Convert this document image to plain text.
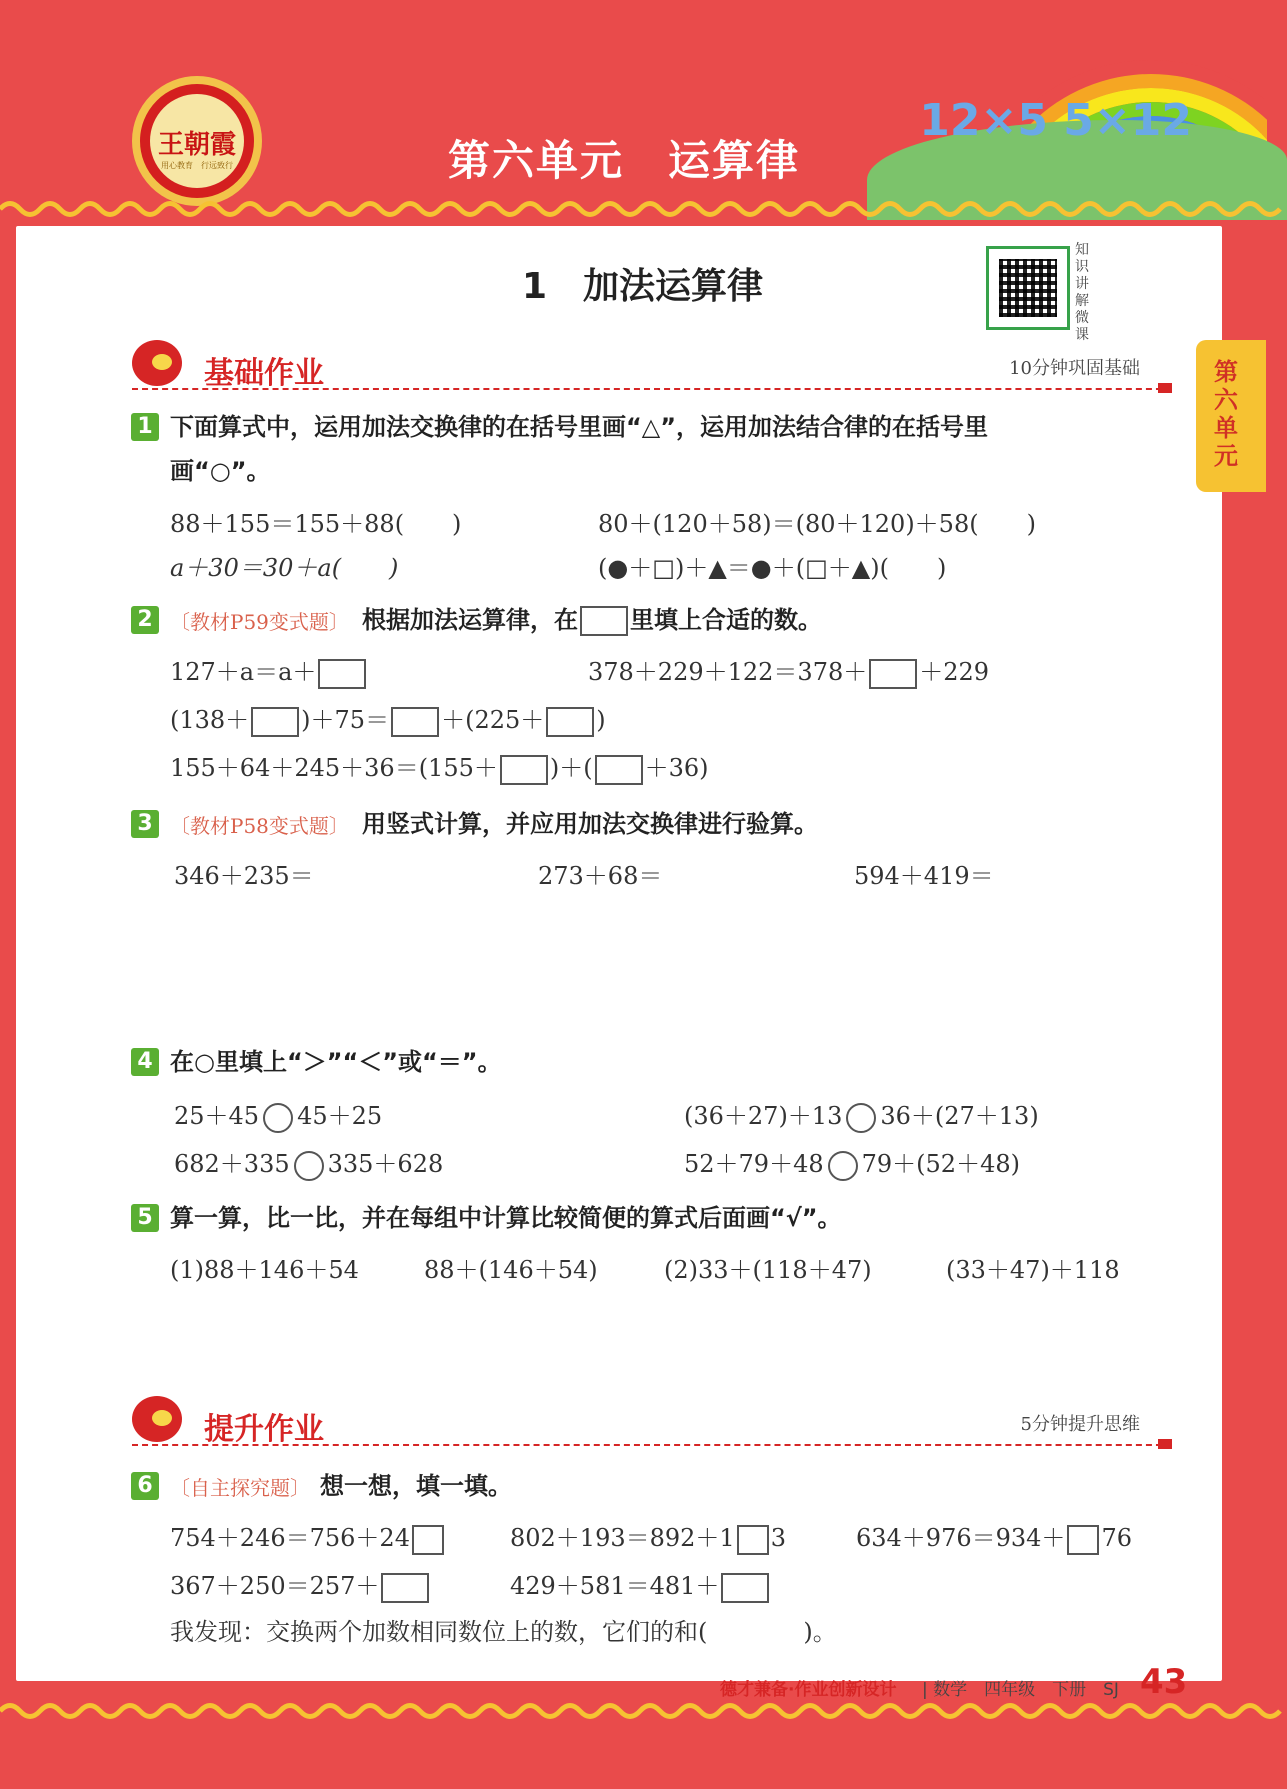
12×5 5×12
王朝霞
用心教育　行远致行	第六单元　运算律
第六单元
1　加法运算律
知识讲解微课
基础作业	10分钟巩固基础
1 下面算式中，运用加法交换律的在括号里画“△”，运用加法结合律的在括号里
画“○”。
88＋155＝155＋88(　　)	80＋(120＋58)＝(80＋120)＋58(　　)
a＋30＝30＋a(　　)	(●＋□)＋▲＝●＋(□＋▲)(　　)
2 〔教材P59变式题〕 根据加法运算律，在 里填上合适的数。
127＋a＝a＋	378＋229＋122＝378＋ ＋229
(138＋ )＋75＝ ＋(225＋ )
155＋64＋245＋36＝(155＋ )＋( ＋36)
3 〔教材P58变式题〕 用竖式计算，并应用加法交换律进行验算。
346＋235＝	273＋68＝	594＋419＝
4 在○里填上“＞”“＜”或“＝”。
25＋45 45＋25	(36＋27)＋13 36＋(27＋13)
682＋335 335＋628	52＋79＋48 79＋(52＋48)
5 算一算，比一比，并在每组中计算比较简便的算式后面画“√”。
(1)88＋146＋54	88＋(146＋54)	(2)33＋(118＋47)	(33＋47)＋118
提升作业	5分钟提升思维
6 〔自主探究题〕 想一想，填一填。
754＋246＝756＋24	802＋193＝892＋1 3	634＋976＝934＋ 76
367＋250＝257＋	429＋581＝481＋
我发现：交换两个加数相同数位上的数，它们的和(　　　　)。
德才兼备·作业创新设计 | 数学　四年级　下册　SJ 43
